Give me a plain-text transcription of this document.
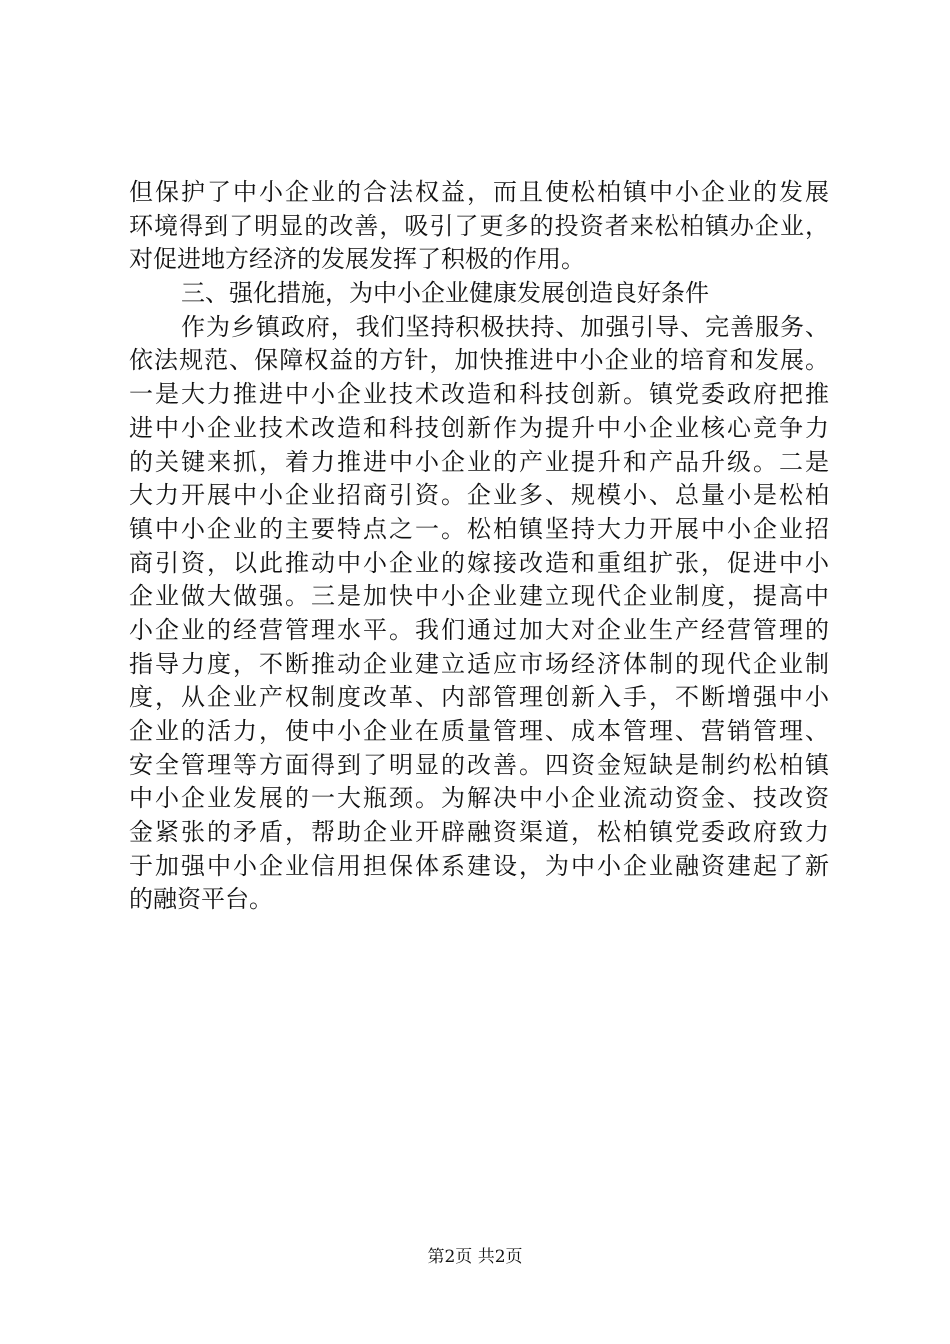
但保护了中小企业的合法权益，而且使松柏镇中小企业的发展
环境得到了明显的改善，吸引了更多的投资者来松柏镇办企业，
对促进地方经济的发展发挥了积极的作用。
三、强化措施，为中小企业健康发展创造良好条件
作为乡镇政府，我们坚持积极扶持、加强引导、完善服务、
依法规范、保障权益的方针，加快推进中小企业的培育和发展。
一是大力推进中小企业技术改造和科技创新。镇党委政府把推
进中小企业技术改造和科技创新作为提升中小企业核心竞争力
的关键来抓，着力推进中小企业的产业提升和产品升级。二是
大力开展中小企业招商引资。企业多、规模小、总量小是松柏
镇中小企业的主要特点之一。松柏镇坚持大力开展中小企业招
商引资，以此推动中小企业的嫁接改造和重组扩张，促进中小
企业做大做强。三是加快中小企业建立现代企业制度，提高中
小企业的经营管理水平。我们通过加大对企业生产经营管理的
指导力度，不断推动企业建立适应市场经济体制的现代企业制
度，从企业产权制度改革、内部管理创新入手，不断增强中小
企业的活力，使中小企业在质量管理、成本管理、营销管理、
安全管理等方面得到了明显的改善。四资金短缺是制约松柏镇
中小企业发展的一大瓶颈。为解决中小企业流动资金、技改资
金紧张的矛盾，帮助企业开辟融资渠道，松柏镇党委政府致力
于加强中小企业信用担保体系建设，为中小企业融资建起了新
的融资平台。
第2页 共2页
